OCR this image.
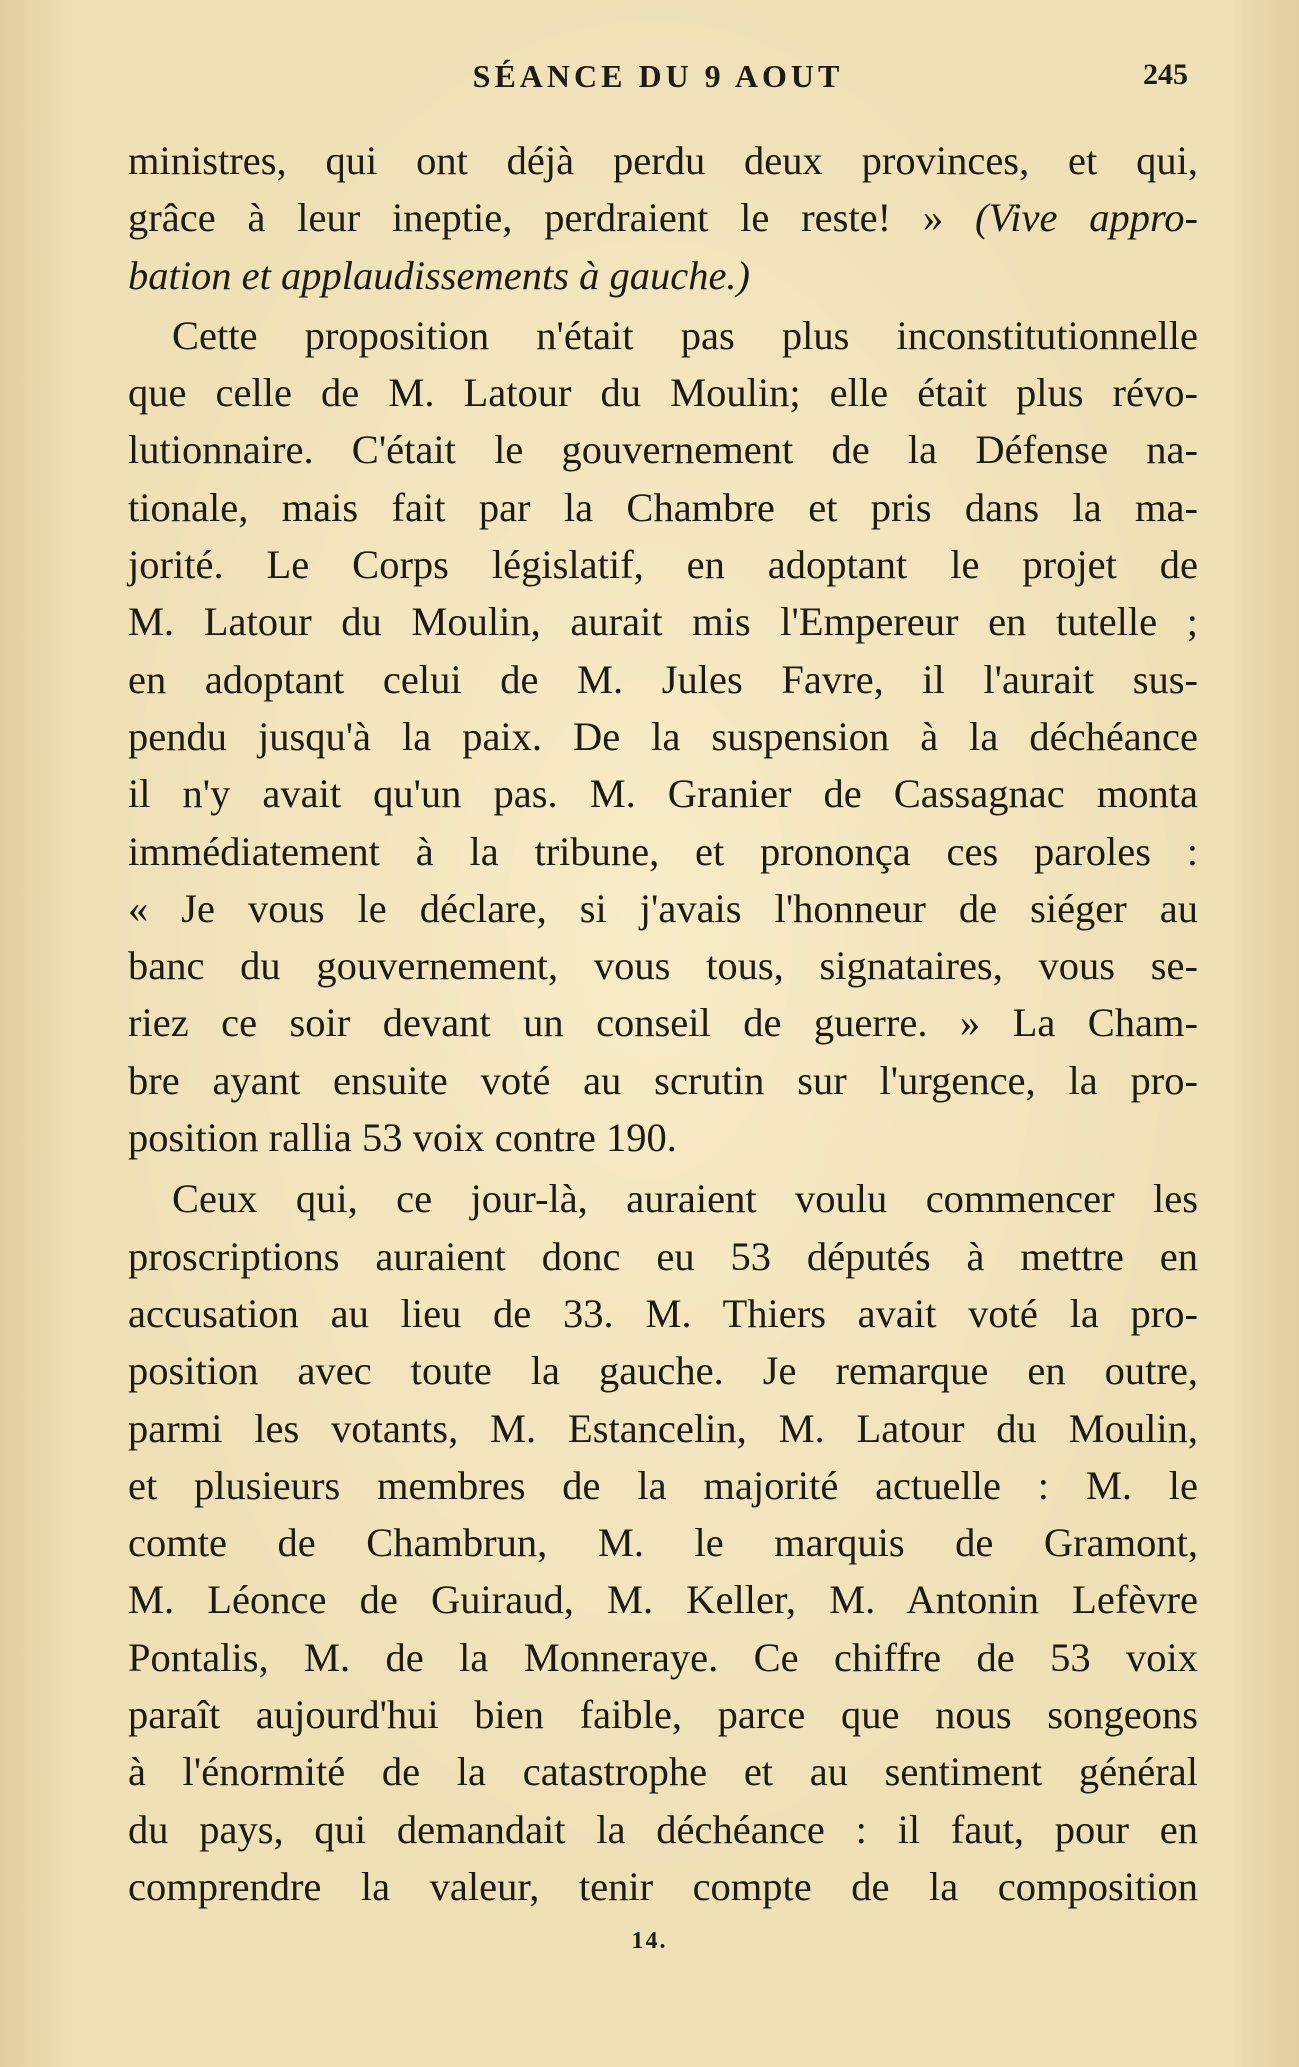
SÉANCE DU 9 AOUT	245

ministres, qui ont déjà perdu deux provinces, et qui,
grâce à leur ineptie, perdraient le reste! » (Vive appro-
bation et applaudissements à gauche.)

Cette proposition n'était pas plus inconstitutionnelle
que celle de M. Latour du Moulin; elle était plus révo-
lutionnaire. C'était le gouvernement de la Défense na-
tionale, mais fait par la Chambre et pris dans la ma-
jorité. Le Corps législatif, en adoptant le projet de
M. Latour du Moulin, aurait mis l'Empereur en tutelle ;
en adoptant celui de M. Jules Favre, il l'aurait sus-
pendu jusqu'à la paix. De la suspension à la déchéance
il n'y avait qu'un pas. M. Granier de Cassagnac monta
immédiatement à la tribune, et prononça ces paroles :
« Je vous le déclare, si j'avais l'honneur de siéger au
banc du gouvernement, vous tous, signataires, vous se-
riez ce soir devant un conseil de guerre. » La Cham-
bre ayant ensuite voté au scrutin sur l'urgence, la pro-
position rallia 53 voix contre 190.

Ceux qui, ce jour-là, auraient voulu commencer les
proscriptions auraient donc eu 53 députés à mettre en
accusation au lieu de 33. M. Thiers avait voté la pro-
position avec toute la gauche. Je remarque en outre,
parmi les votants, M. Estancelin, M. Latour du Moulin,
et plusieurs membres de la majorité actuelle : M. le
comte de Chambrun, M. le marquis de Gramont,
M. Léonce de Guiraud, M. Keller, M. Antonin Lefèvre
Pontalis, M. de la Monneraye. Ce chiffre de 53 voix
paraît aujourd'hui bien faible, parce que nous songeons
à l'énormité de la catastrophe et au sentiment général
du pays, qui demandait la déchéance : il faut, pour en
comprendre la valeur, tenir compte de la composition

14.
